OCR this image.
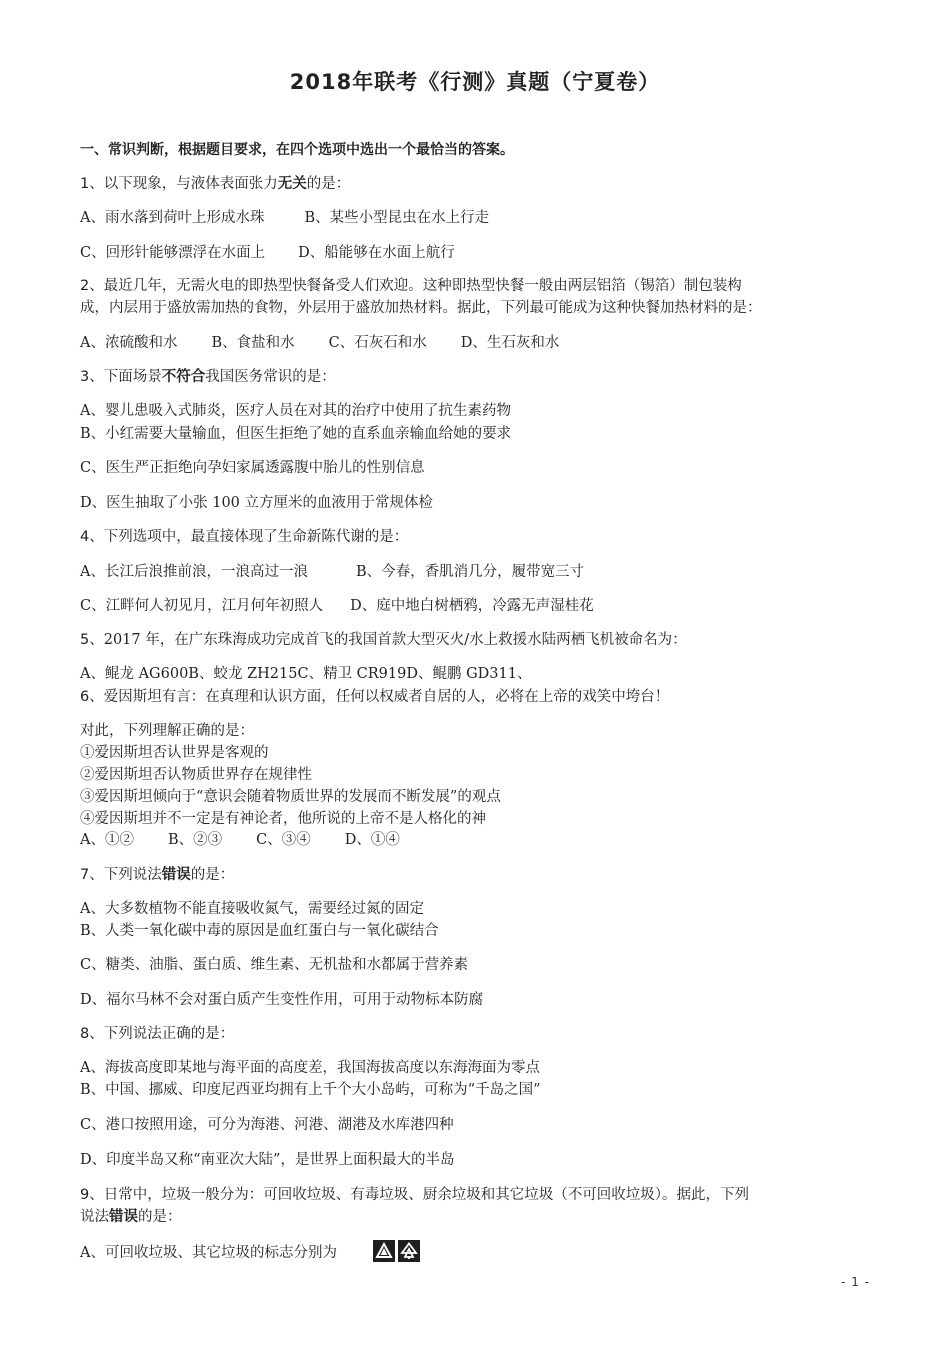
2018年联考《行测》真题（宁夏卷）
一、常识判断，根据题目要求，在四个选项中选出一个最恰当的答案。
1、以下现象，与液体表面张力无关的是：
A、雨水落到荷叶上形成水珠	B、某些小型昆虫在水上行走
C、回形针能够漂浮在水面上 D、船能够在水面上航行
2、最近几年，无需火电的即热型快餐备受人们欢迎。这种即热型快餐一般由两层铝箔（锡箔）制包装构
成，内层用于盛放需加热的食物，外层用于盛放加热材料。据此，下列最可能成为这种快餐加热材料的是：
A、浓硫酸和水 B、食盐和水 C、石灰石和水 D、生石灰和水
3、下面场景不符合我国医务常识的是：
A、婴儿患吸入式肺炎，医疗人员在对其的治疗中使用了抗生素药物
B、小红需要大量输血，但医生拒绝了她的直系血亲输血给她的要求
C、医生严正拒绝向孕妇家属透露腹中胎儿的性别信息
D、医生抽取了小张 100 立方厘米的血液用于常规体检
4、下列选项中，最直接体现了生命新陈代谢的是：
A、长江后浪推前浪，一浪高过一浪	B、今春，香肌消几分，履带宽三寸
C、江畔何人初见月，江月何年初照人 D、庭中地白树栖鸦，冷露无声湿桂花
5、2017 年，在广东珠海成功完成首飞的我国首款大型灭火/水上救援水陆两栖飞机被命名为：
A、鲲龙 AG600B、蛟龙 ZH215C、精卫 CR919D、鲲鹏 GD311、
6、爱因斯坦有言：在真理和认识方面，任何以权威者自居的人，必将在上帝的戏笑中垮台！
对此，下列理解正确的是：
①爱因斯坦否认世界是客观的
②爱因斯坦否认物质世界存在规律性
③爱因斯坦倾向于“意识会随着物质世界的发展而不断发展”的观点
④爱因斯坦并不一定是有神论者，他所说的上帝不是人格化的神
A、①② B、②③ C、③④ D、①④
7、下列说法错误的是：
A、大多数植物不能直接吸收氮气，需要经过氮的固定
B、人类一氧化碳中毒的原因是血红蛋白与一氧化碳结合
C、糖类、油脂、蛋白质、维生素、无机盐和水都属于营养素
D、福尔马林不会对蛋白质产生变性作用，可用于动物标本防腐
8、下列说法正确的是：
A、海拔高度即某地与海平面的高度差，我国海拔高度以东海海面为零点
B、中国、挪威、印度尼西亚均拥有上千个大小岛屿，可称为“千岛之国”
C、港口按照用途，可分为海港、河港、湖港及水库港四种
D、印度半岛又称“南亚次大陆”，是世界上面积最大的半岛
9、日常中，垃圾一般分为：可回收垃圾、有毒垃圾、厨余垃圾和其它垃圾（不可回收垃圾）。据此，下列
说法错误的是：
A、可回收垃圾、其它垃圾的标志分别为
- 1 -
